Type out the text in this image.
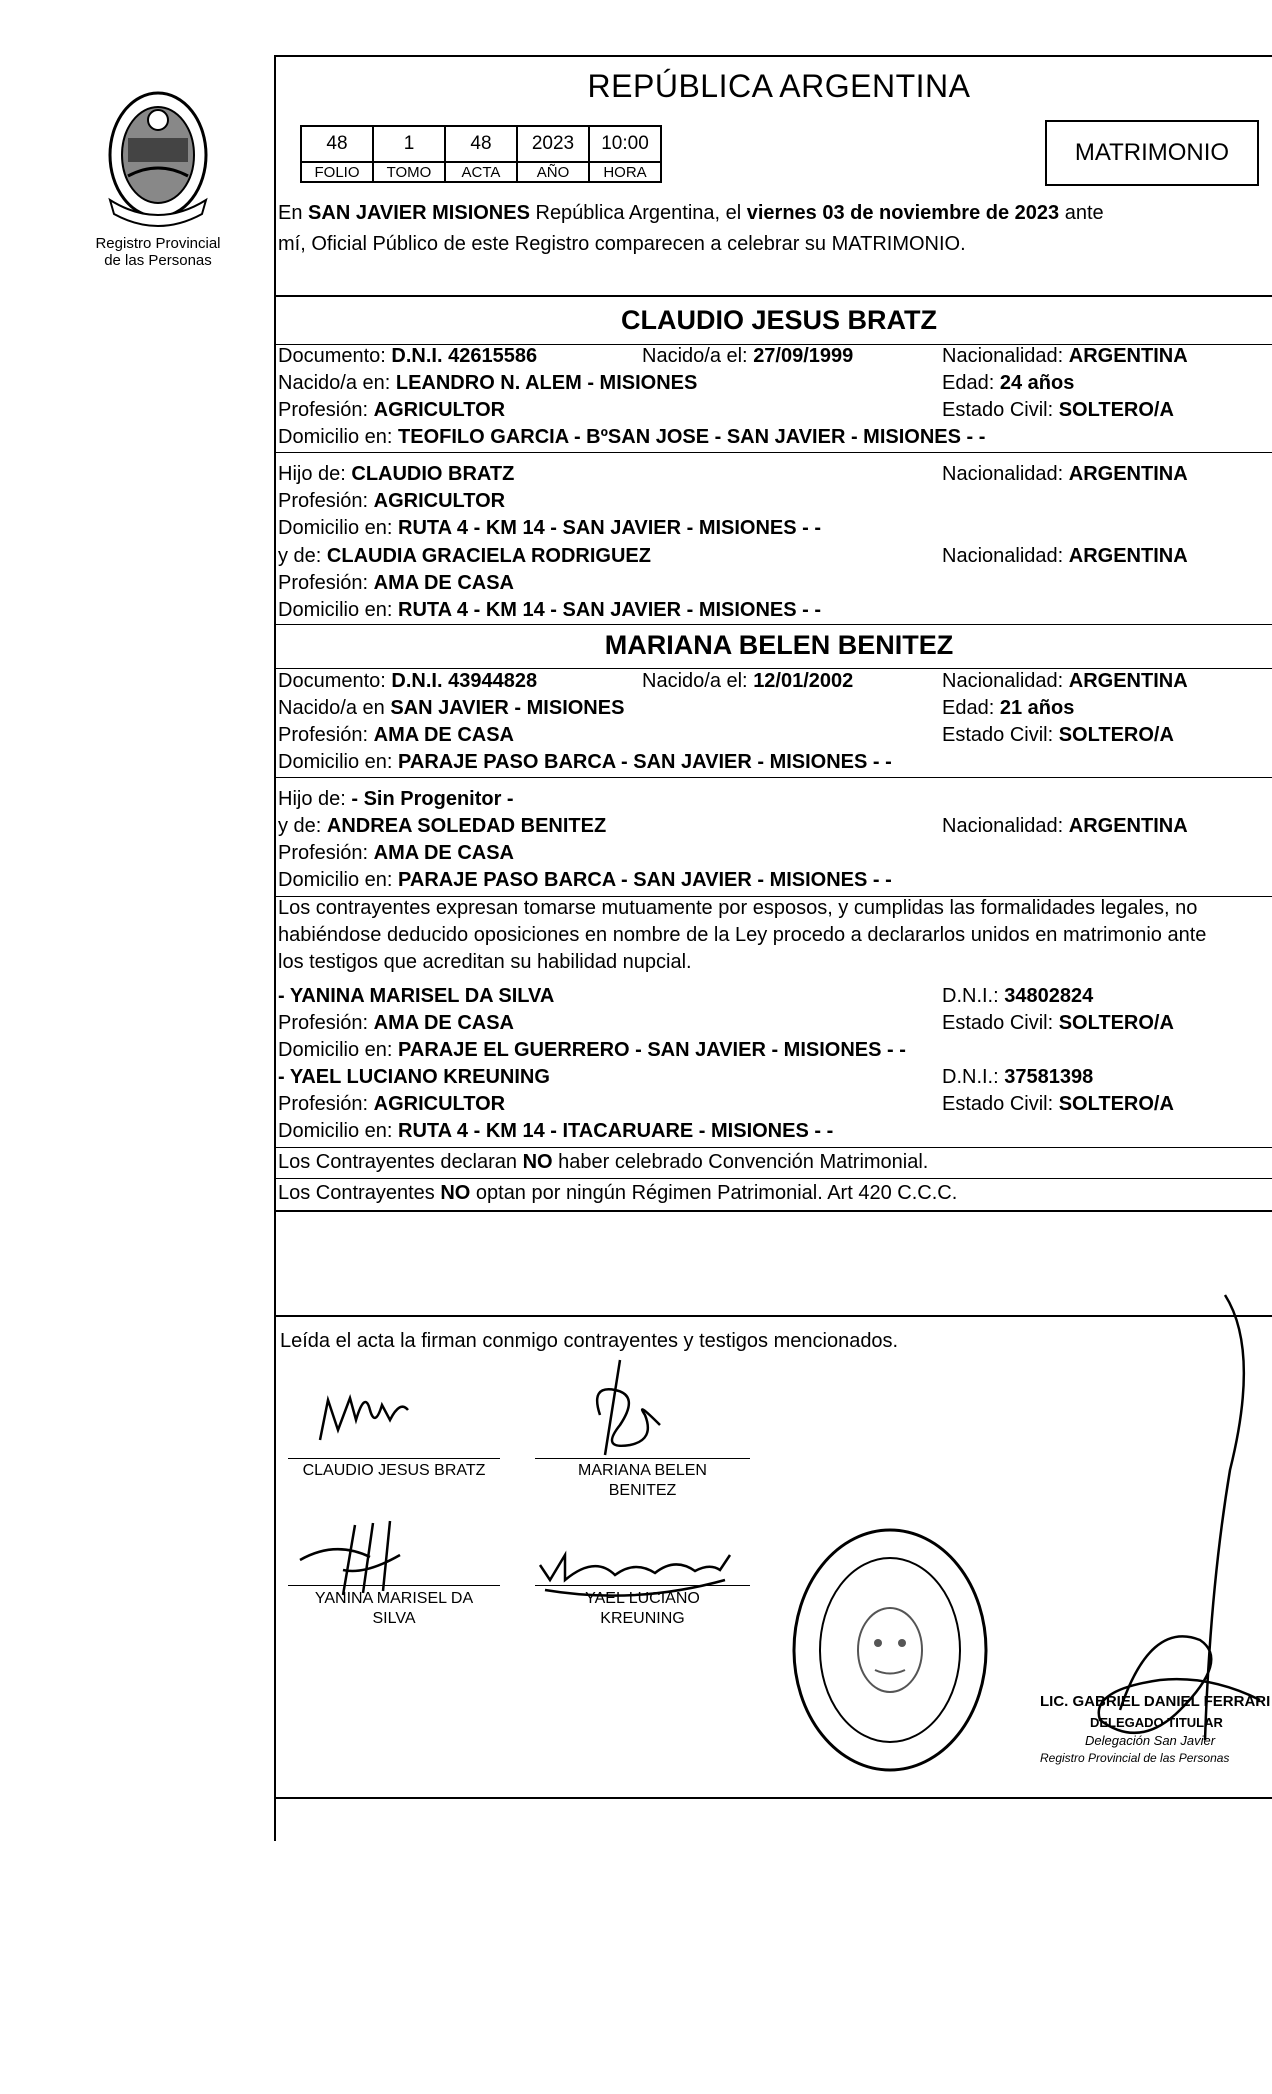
Registro Provincial
de las Personas
REPÚBLICA ARGENTINA
48	1	48	2023	10:00
FOLIO	TOMO	ACTA	AÑO	HORA
MATRIMONIO
En SAN JAVIER MISIONES República Argentina, el viernes 03 de noviembre de 2023 ante
mí, Oficial Público de este Registro comparecen a celebrar su MATRIMONIO.
CLAUDIO JESUS BRATZ
Documento: D.N.I. 42615586	Nacido/a el: 27/09/1999	Nacionalidad: ARGENTINA
Nacido/a en: LEANDRO N. ALEM - MISIONES	Edad: 24 años
Profesión: AGRICULTOR	Estado Civil: SOLTERO/A
Domicilio en: TEOFILO GARCIA - BºSAN JOSE - SAN JAVIER - MISIONES - -
Hijo de: CLAUDIO BRATZ	Nacionalidad: ARGENTINA
Profesión: AGRICULTOR
Domicilio en: RUTA 4 - KM 14 - SAN JAVIER - MISIONES - -
y de: CLAUDIA GRACIELA RODRIGUEZ	Nacionalidad: ARGENTINA
Profesión: AMA DE CASA
Domicilio en: RUTA 4 - KM 14 - SAN JAVIER - MISIONES - -
MARIANA BELEN BENITEZ
Documento: D.N.I. 43944828	Nacido/a el: 12/01/2002	Nacionalidad: ARGENTINA
Nacido/a en SAN JAVIER - MISIONES	Edad: 21 años
Profesión: AMA DE CASA	Estado Civil: SOLTERO/A
Domicilio en: PARAJE PASO BARCA - SAN JAVIER - MISIONES - -
Hijo de: - Sin Progenitor -
y de: ANDREA SOLEDAD BENITEZ	Nacionalidad: ARGENTINA
Profesión: AMA DE CASA
Domicilio en: PARAJE PASO BARCA - SAN JAVIER - MISIONES - -
Los contrayentes expresan tomarse mutuamente por esposos, y cumplidas las formalidades legales, no
habiéndose deducido oposiciones en nombre de la Ley procedo a declararlos unidos en matrimonio ante
los testigos que acreditan su habilidad nupcial.
- YANINA MARISEL DA SILVA	D.N.I.: 34802824
Profesión: AMA DE CASA	Estado Civil: SOLTERO/A
Domicilio en: PARAJE EL GUERRERO - SAN JAVIER - MISIONES - -
- YAEL LUCIANO KREUNING	D.N.I.: 37581398
Profesión: AGRICULTOR	Estado Civil: SOLTERO/A
Domicilio en: RUTA 4 - KM 14 - ITACARUARE - MISIONES - -
Los Contrayentes declaran NO haber celebrado Convención Matrimonial.
Los Contrayentes NO optan por ningún Régimen Patrimonial. Art 420 C.C.C.
Leída el acta la firman conmigo contrayentes y testigos mencionados.
CLAUDIO JESUS BRATZ	MARIANA BELEN
BENITEZ
YANINA MARISEL DA
SILVA
YAEL LUCIANO
KREUNING
LIC. GABRIEL DANIEL FERRARI
DELEGADO TITULAR
Delegación San Javier
Registro Provincial de las Personas
